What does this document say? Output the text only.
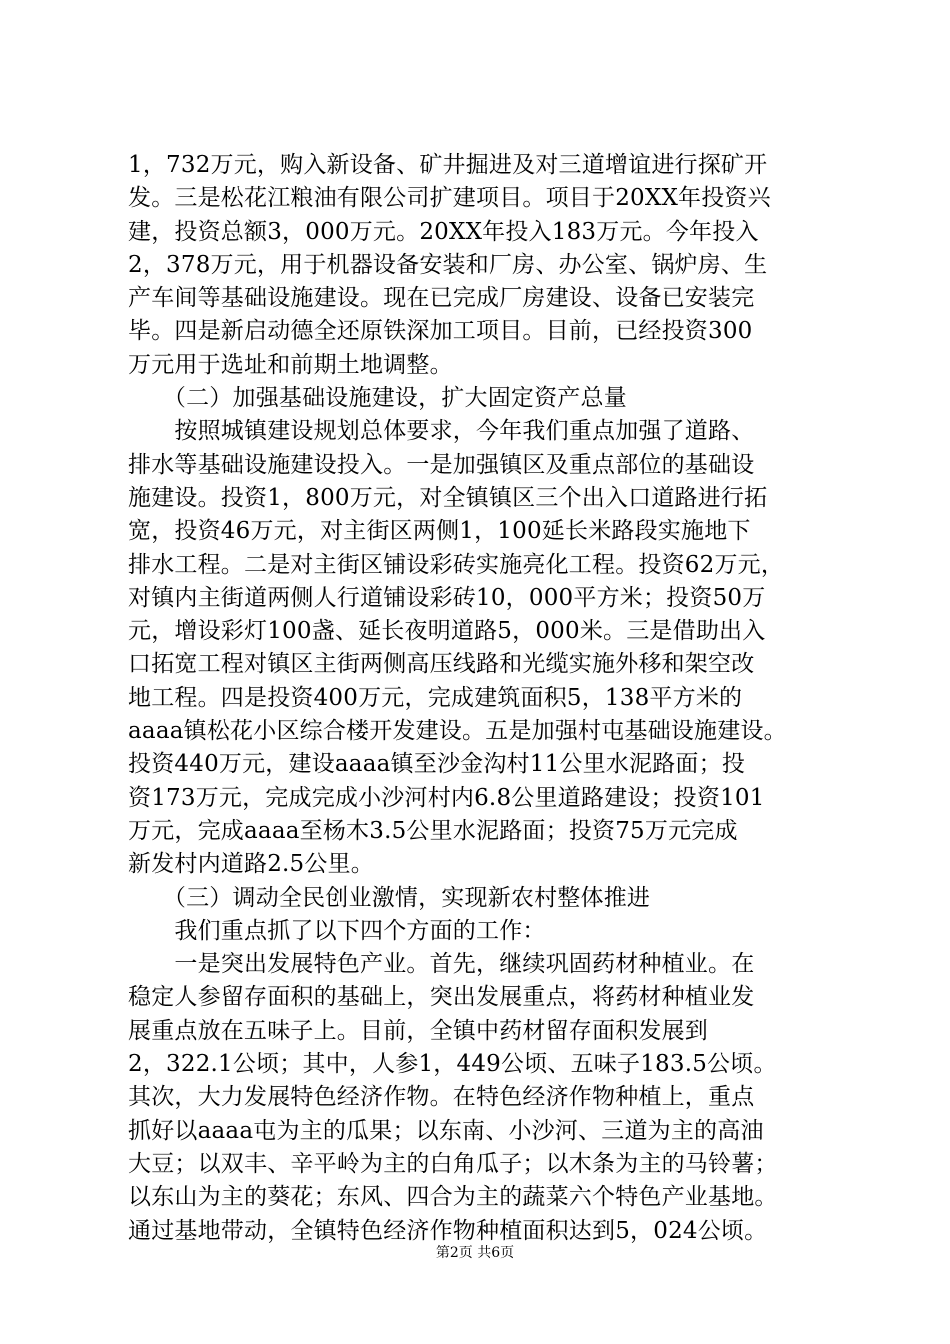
1，732万元，购入新设备、矿井掘进及对三道增谊进行探矿开
发。三是松花江粮油有限公司扩建项目。项目于20XX年投资兴
建，投资总额3，000万元。20XX年投入183万元。今年投入
2，378万元，用于机器设备安装和厂房、办公室、锅炉房、生
产车间等基础设施建设。现在已完成厂房建设、设备已安装完
毕。四是新启动德全还原铁深加工项目。目前，已经投资300
万元用于选址和前期土地调整。
　　（二）加强基础设施建设，扩大固定资产总量
　　按照城镇建设规划总体要求，今年我们重点加强了道路、
排水等基础设施建设投入。一是加强镇区及重点部位的基础设
施建设。投资1，800万元，对全镇镇区三个出入口道路进行拓
宽，投资46万元，对主街区两侧1，100延长米路段实施地下
排水工程。二是对主街区铺设彩砖实施亮化工程。投资62万元，
对镇内主街道两侧人行道铺设彩砖10，000平方米；投资50万
元，增设彩灯100盏、延长夜明道路5，000米。三是借助出入
口拓宽工程对镇区主街两侧高压线路和光缆实施外移和架空改
地工程。四是投资400万元，完成建筑面积5，138平方米的
aaaa镇松花小区综合楼开发建设。五是加强村屯基础设施建设。
投资440万元，建设aaaa镇至沙金沟村11公里水泥路面；投
资173万元，完成完成小沙河村内6.8公里道路建设；投资101
万元，完成aaaa至杨木3.5公里水泥路面；投资75万元完成
新发村内道路2.5公里。
　　（三）调动全民创业激情，实现新农村整体推进
　　我们重点抓了以下四个方面的工作：
　　一是突出发展特色产业。首先，继续巩固药材种植业。在
稳定人参留存面积的基础上，突出发展重点，将药材种植业发
展重点放在五味子上。目前，全镇中药材留存面积发展到
2，322.1公顷；其中，人参1，449公顷、五味子183.5公顷。
其次，大力发展特色经济作物。在特色经济作物种植上，重点
抓好以aaaa屯为主的瓜果；以东南、小沙河、三道为主的高油
大豆；以双丰、辛平岭为主的白角瓜子；以木条为主的马铃薯；
以东山为主的葵花；东风、四合为主的蔬菜六个特色产业基地。
通过基地带动，全镇特色经济作物种植面积达到5，024公顷。
第2页 共6页
